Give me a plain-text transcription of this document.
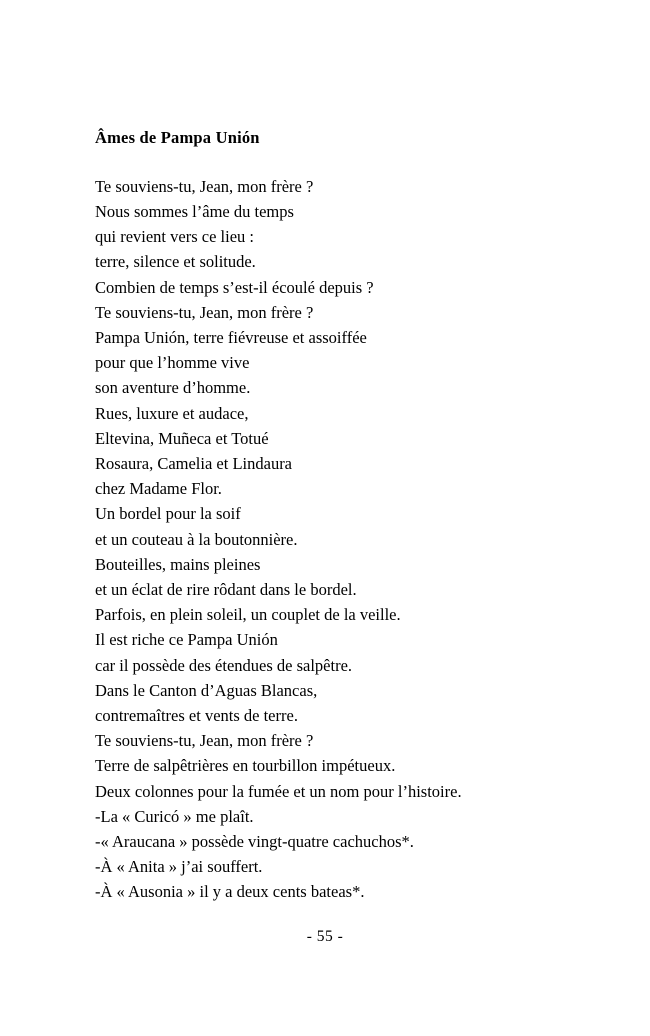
Âmes de Pampa Unión
Te souviens-tu, Jean, mon frère ?
Nous sommes l’âme du temps
qui revient vers ce lieu :
terre, silence et solitude.
Combien de temps s’est-il écoulé depuis ?
Te souviens-tu, Jean, mon frère ?
Pampa Unión, terre fiévreuse et assoiffée
pour que l’homme vive
son aventure d’homme.
Rues, luxure et audace,
Eltevina, Muñeca et Totué
Rosaura, Camelia et Lindaura
chez Madame Flor.
Un bordel pour la soif
et un couteau à la boutonnière.
Bouteilles, mains pleines
et un éclat de rire rôdant dans le bordel.
Parfois, en plein soleil, un couplet de la veille.
Il est riche ce Pampa Unión
car il possède des étendues de salpêtre.
Dans le Canton d’Aguas Blancas,
contremaîtres et vents de terre.
Te souviens-tu, Jean, mon frère ?
Terre de salpêtrières en tourbillon impétueux.
Deux colonnes pour la fumée et un nom pour l’histoire.
-La « Curicó » me plaît.
-« Araucana » possède vingt-quatre cachuchos*.
-À « Anita » j’ai souffert.
-À « Ausonia » il y a deux cents bateas*.
- 55 -
